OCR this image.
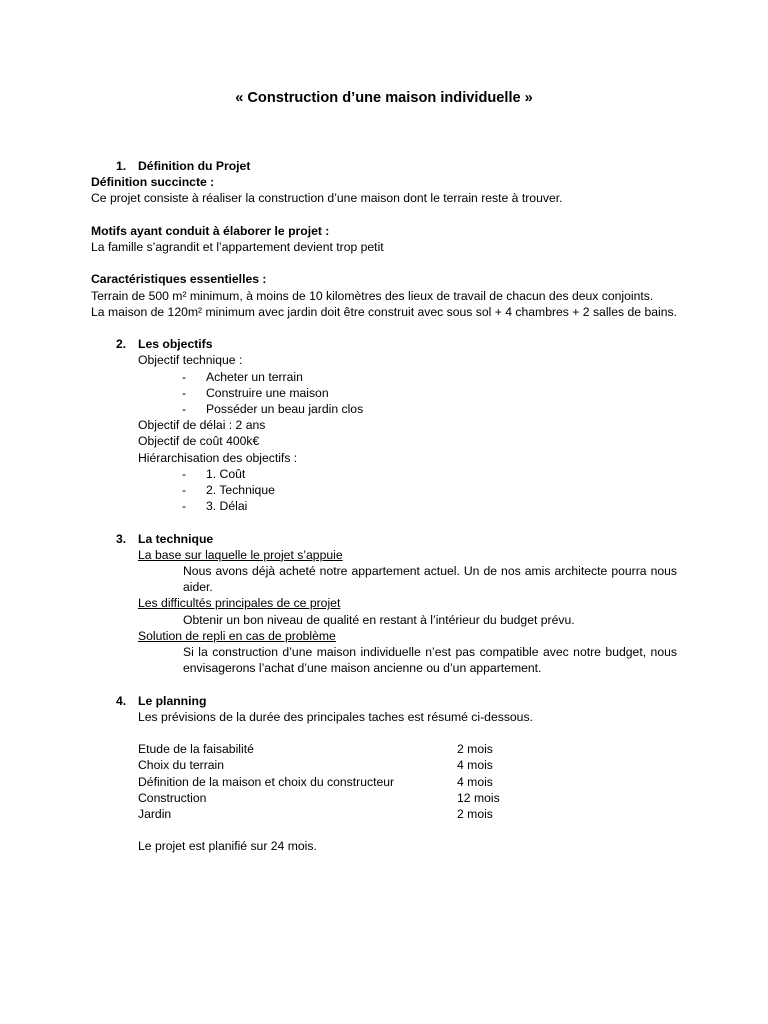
« Construction d’une maison individuelle »
1. Définition du Projet
Définition succincte :
Ce projet consiste à réaliser la construction d’une maison dont le terrain reste à trouver.
Motifs ayant conduit à élaborer le projet :
La famille s’agrandit et l’appartement devient trop petit
Caractéristiques essentielles :
Terrain de 500 m² minimum, à moins de 10 kilomètres des lieux de travail de chacun des deux conjoints.
La maison de 120m² minimum avec jardin doit être construit avec sous sol + 4 chambres + 2 salles de bains.
2. Les objectifs
Objectif technique :
- Acheter un terrain
- Construire une maison
- Posséder un beau jardin clos
Objectif de délai : 2 ans
Objectif de coût 400k€
Hiérarchisation des objectifs :
- 1. Coût
- 2. Technique
- 3. Délai
3. La technique
La base sur laquelle le projet s’appuie
Nous avons déjà acheté notre appartement actuel. Un de nos amis architecte pourra nous aider.
Les difficultés principales de ce projet
Obtenir un bon niveau de qualité en restant à l’intérieur du budget prévu.
Solution de repli en cas de problème
Si la construction d’une maison individuelle n’est pas compatible avec notre budget, nous envisagerons l’achat d’une maison ancienne ou d’un appartement.
4. Le planning
Les prévisions de la durée des principales taches est résumé ci-dessous.
Etude de la faisabilité	2 mois
Choix du terrain	4 mois
Définition de la maison et choix du constructeur	4 mois
Construction	12 mois
Jardin	2 mois
Le projet est planifié sur 24 mois.
